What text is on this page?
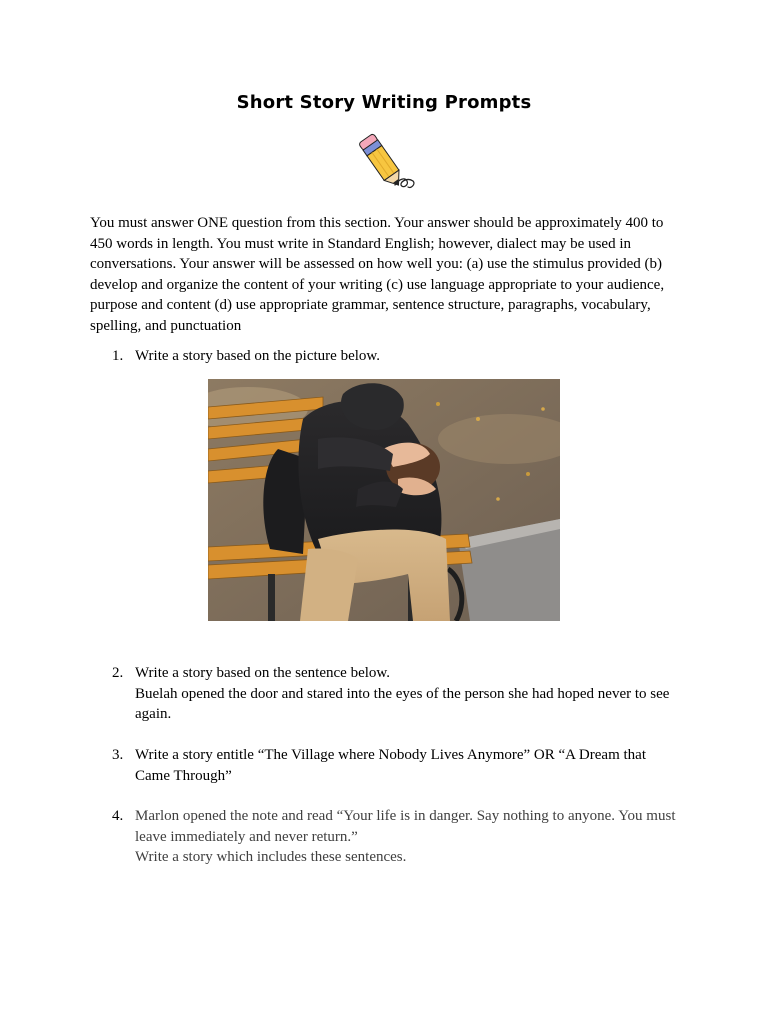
Short Story Writing Prompts
You must answer ONE question from this section. Your answer should be approximately 400 to 450 words in length. You must write in Standard English; however, dialect may be used in conversations. Your answer will be assessed on how well you: (a) use the stimulus provided (b) develop and organize the content of your writing (c) use language appropriate to your audience, purpose and content (d) use appropriate grammar, sentence structure, paragraphs, vocabulary, spelling, and punctuation
1. Write a story based on the picture below.
2. Write a story based on the sentence below.
Buelah opened the door and stared into the eyes of the person she had hoped never to see again.
3. Write a story entitle “The Village where Nobody Lives Anymore” OR “A Dream that Came Through”
4. Marlon opened the note and read “Your life is in danger. Say nothing to anyone. You must leave immediately and never return.”
Write a story which includes these sentences.
